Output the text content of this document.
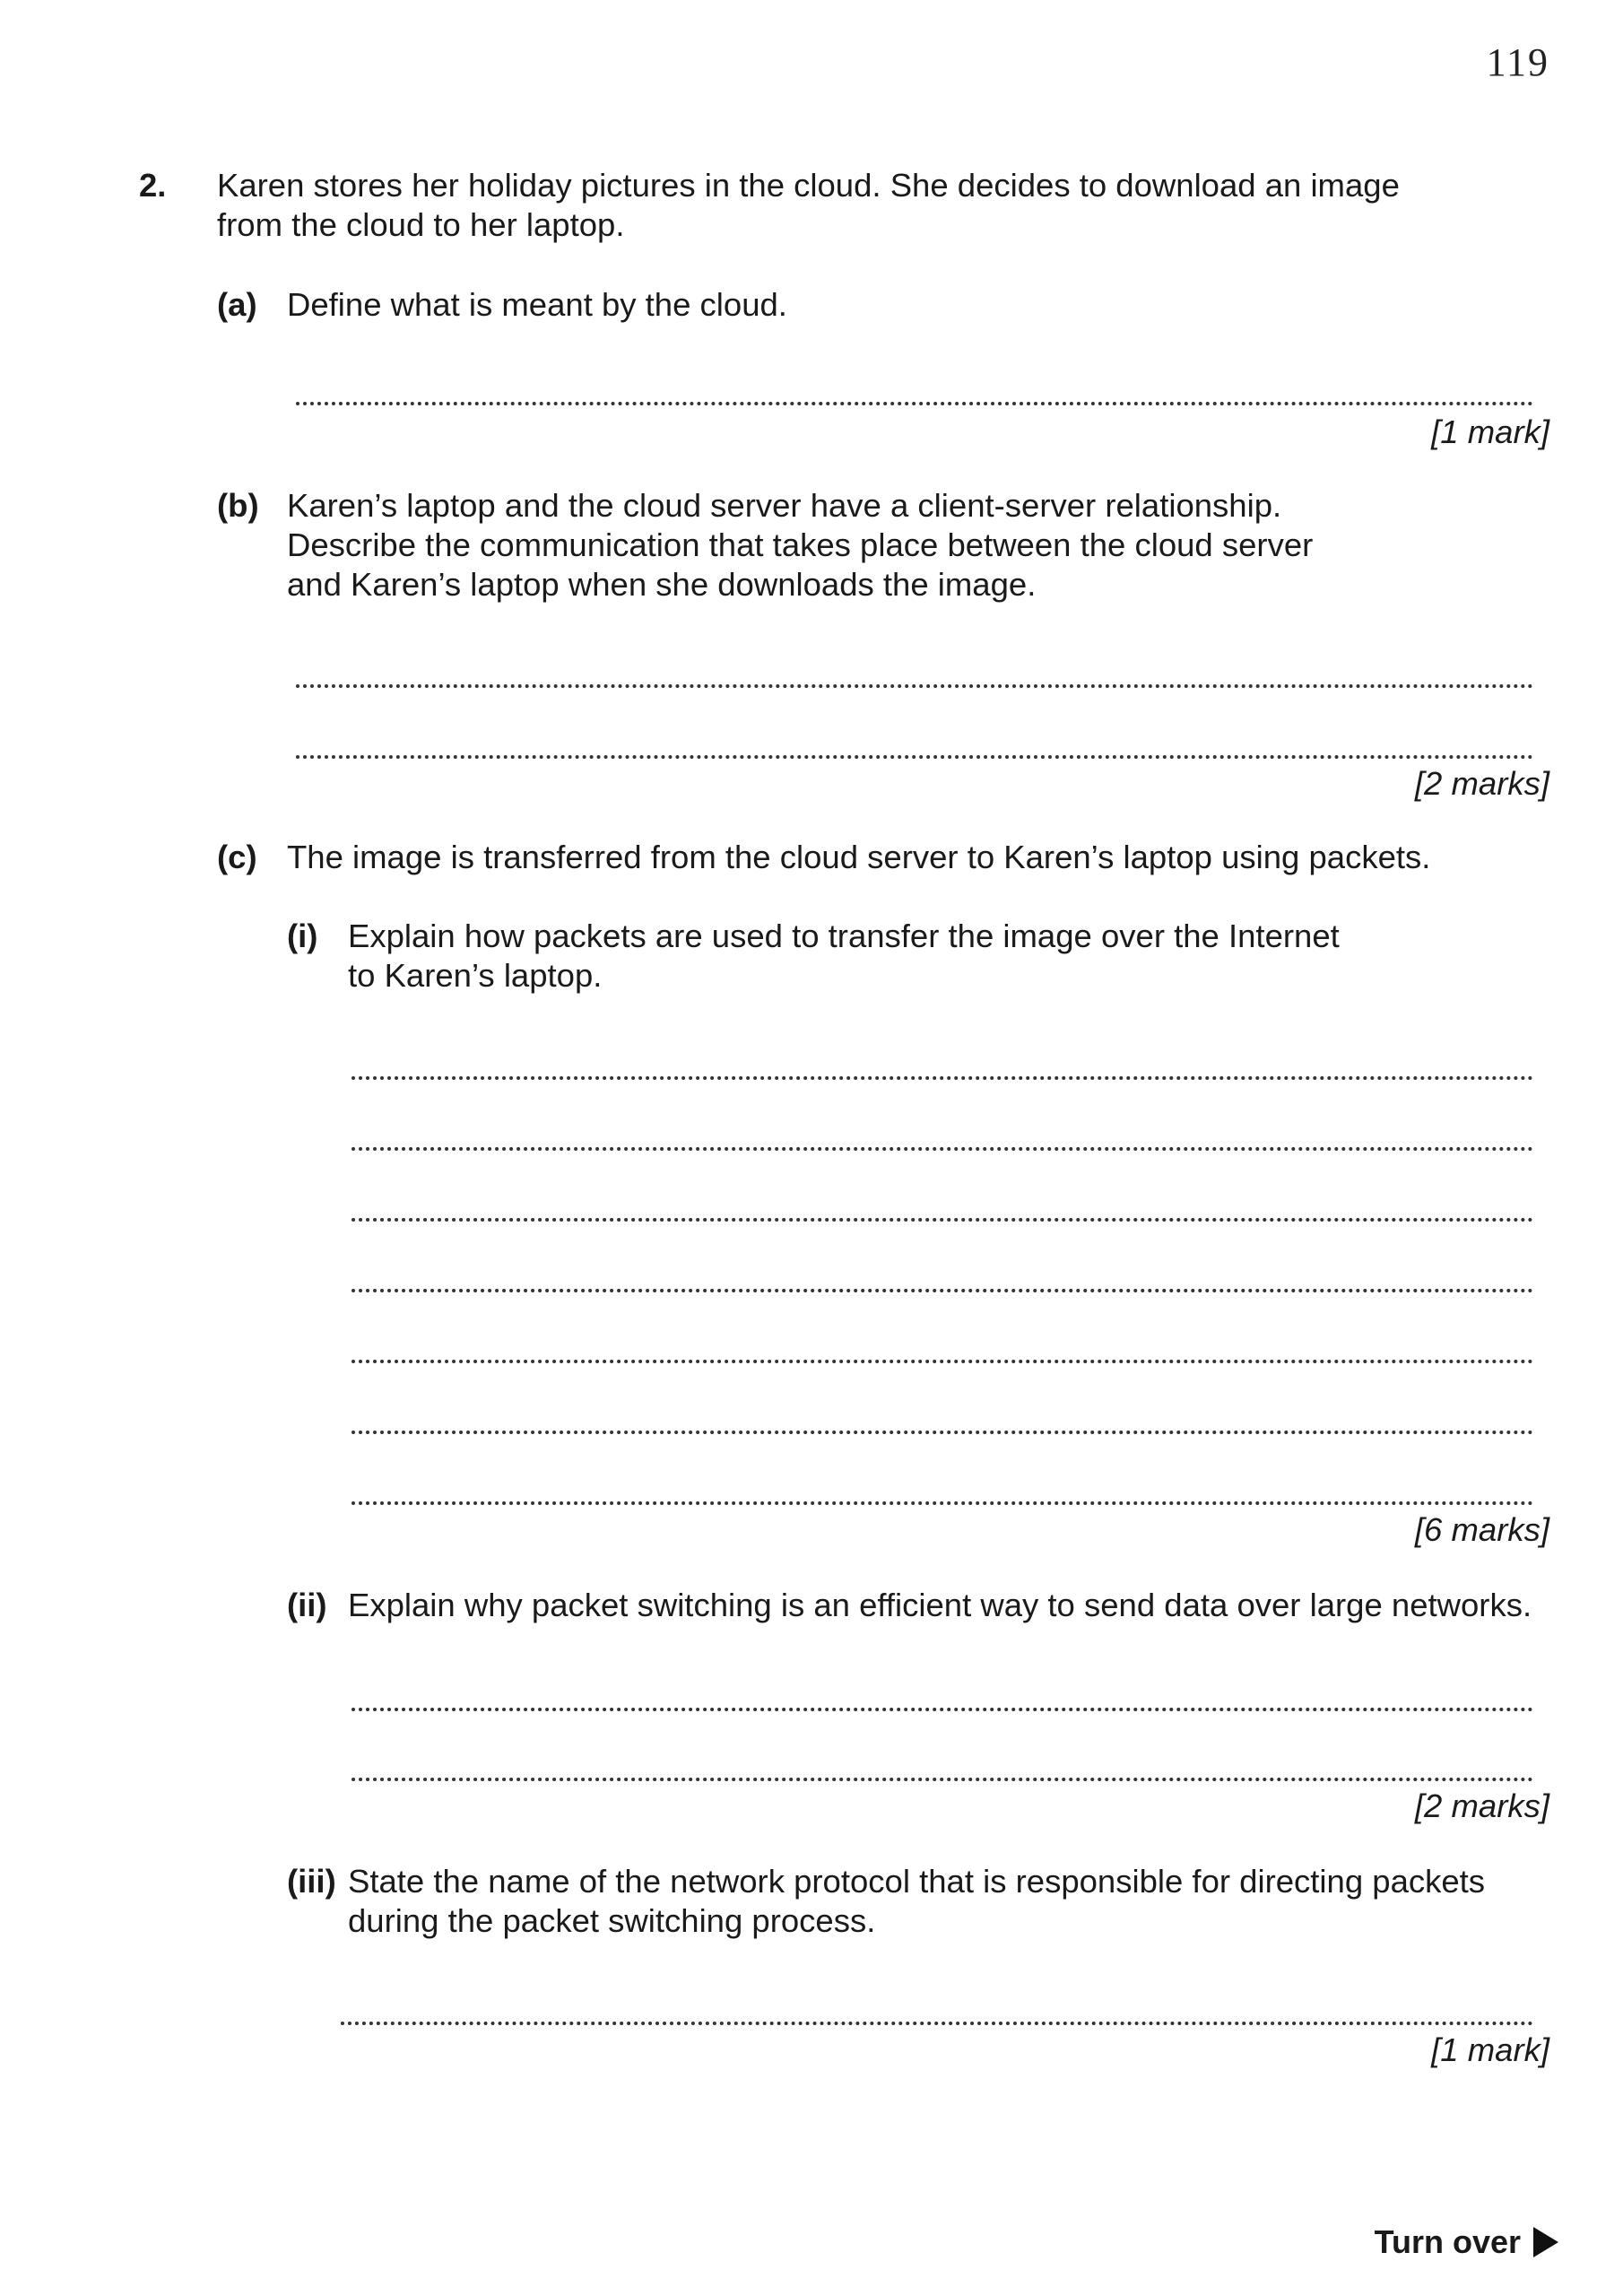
119
2. Karen stores her holiday pictures in the cloud. She decides to download an image
from the cloud to her laptop.
(a) Define what is meant by the cloud.
[1 mark]
(b) Karen’s laptop and the cloud server have a client-server relationship.
Describe the communication that takes place between the cloud server
and Karen’s laptop when she downloads the image.
[2 marks]
(c) The image is transferred from the cloud server to Karen’s laptop using packets.
(i) Explain how packets are used to transfer the image over the Internet
to Karen’s laptop.
[6 marks]
(ii) Explain why packet switching is an efficient way to send data over large networks.
[2 marks]
(iii) State the name of the network protocol that is responsible for directing packets
during the packet switching process.
[1 mark]
Turn over
